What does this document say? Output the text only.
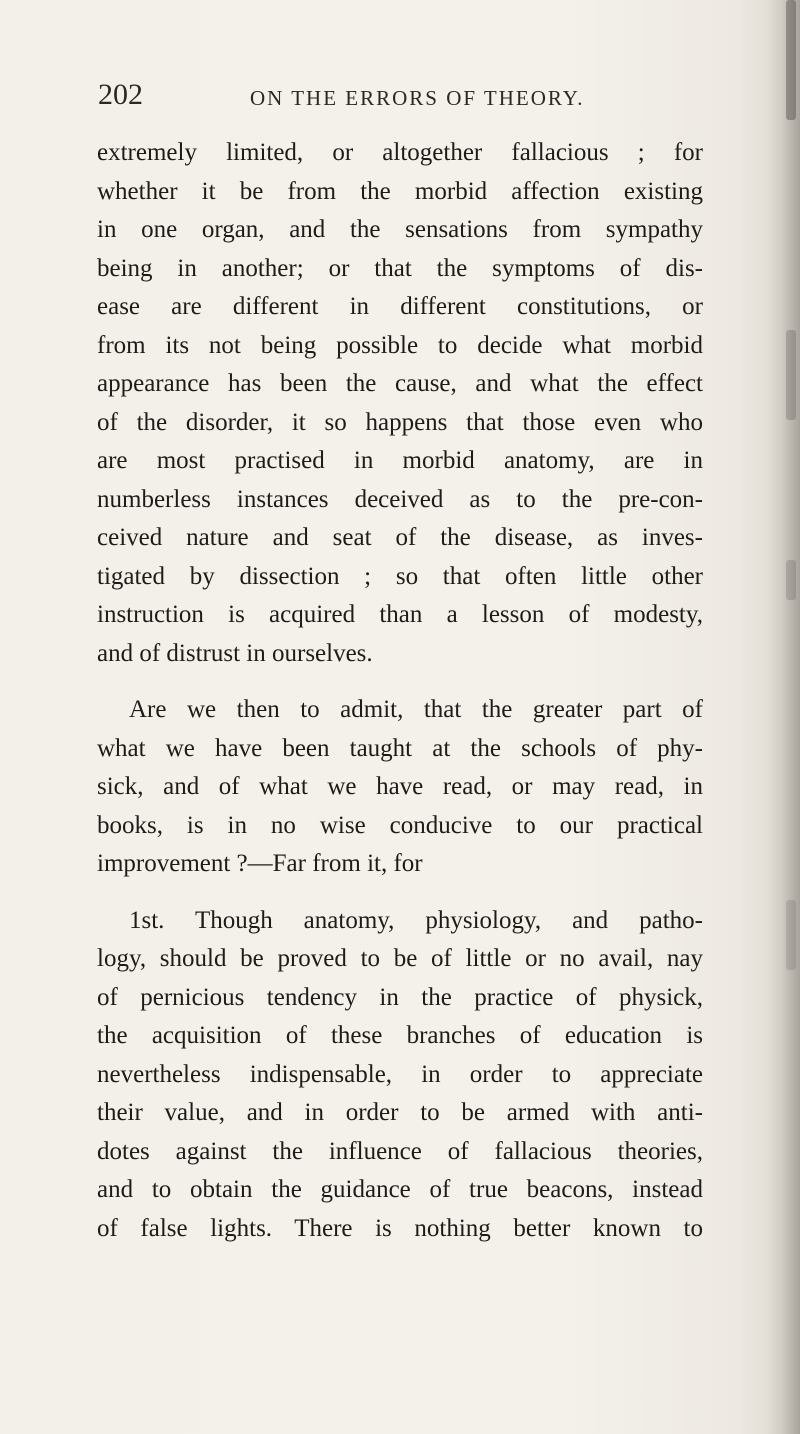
202	ON THE ERRORS OF THEORY.
extremely limited, or altogether fallacious ; for
whether it be from the morbid affection existing
in one organ, and the sensations from sympathy
being in another; or that the symptoms of dis-
ease are different in different constitutions, or
from its not being possible to decide what morbid
appearance has been the cause, and what the effect
of the disorder, it so happens that those even who
are most practised in morbid anatomy, are in
numberless instances deceived as to the pre-con-
ceived nature and seat of the disease, as inves-
tigated by dissection ; so that often little other
instruction is acquired than a lesson of modesty,
and of distrust in ourselves.
Are we then to admit, that the greater part of
what we have been taught at the schools of phy-
sick, and of what we have read, or may read, in
books, is in no wise conducive to our practical
improvement ?—Far from it, for
1st. Though anatomy, physiology, and patho-
logy, should be proved to be of little or no avail, nay
of pernicious tendency in the practice of physick,
the acquisition of these branches of education is
nevertheless indispensable, in order to appreciate
their value, and in order to be armed with anti-
dotes against the influence of fallacious theories,
and to obtain the guidance of true beacons, instead
of false lights. There is nothing better known to
